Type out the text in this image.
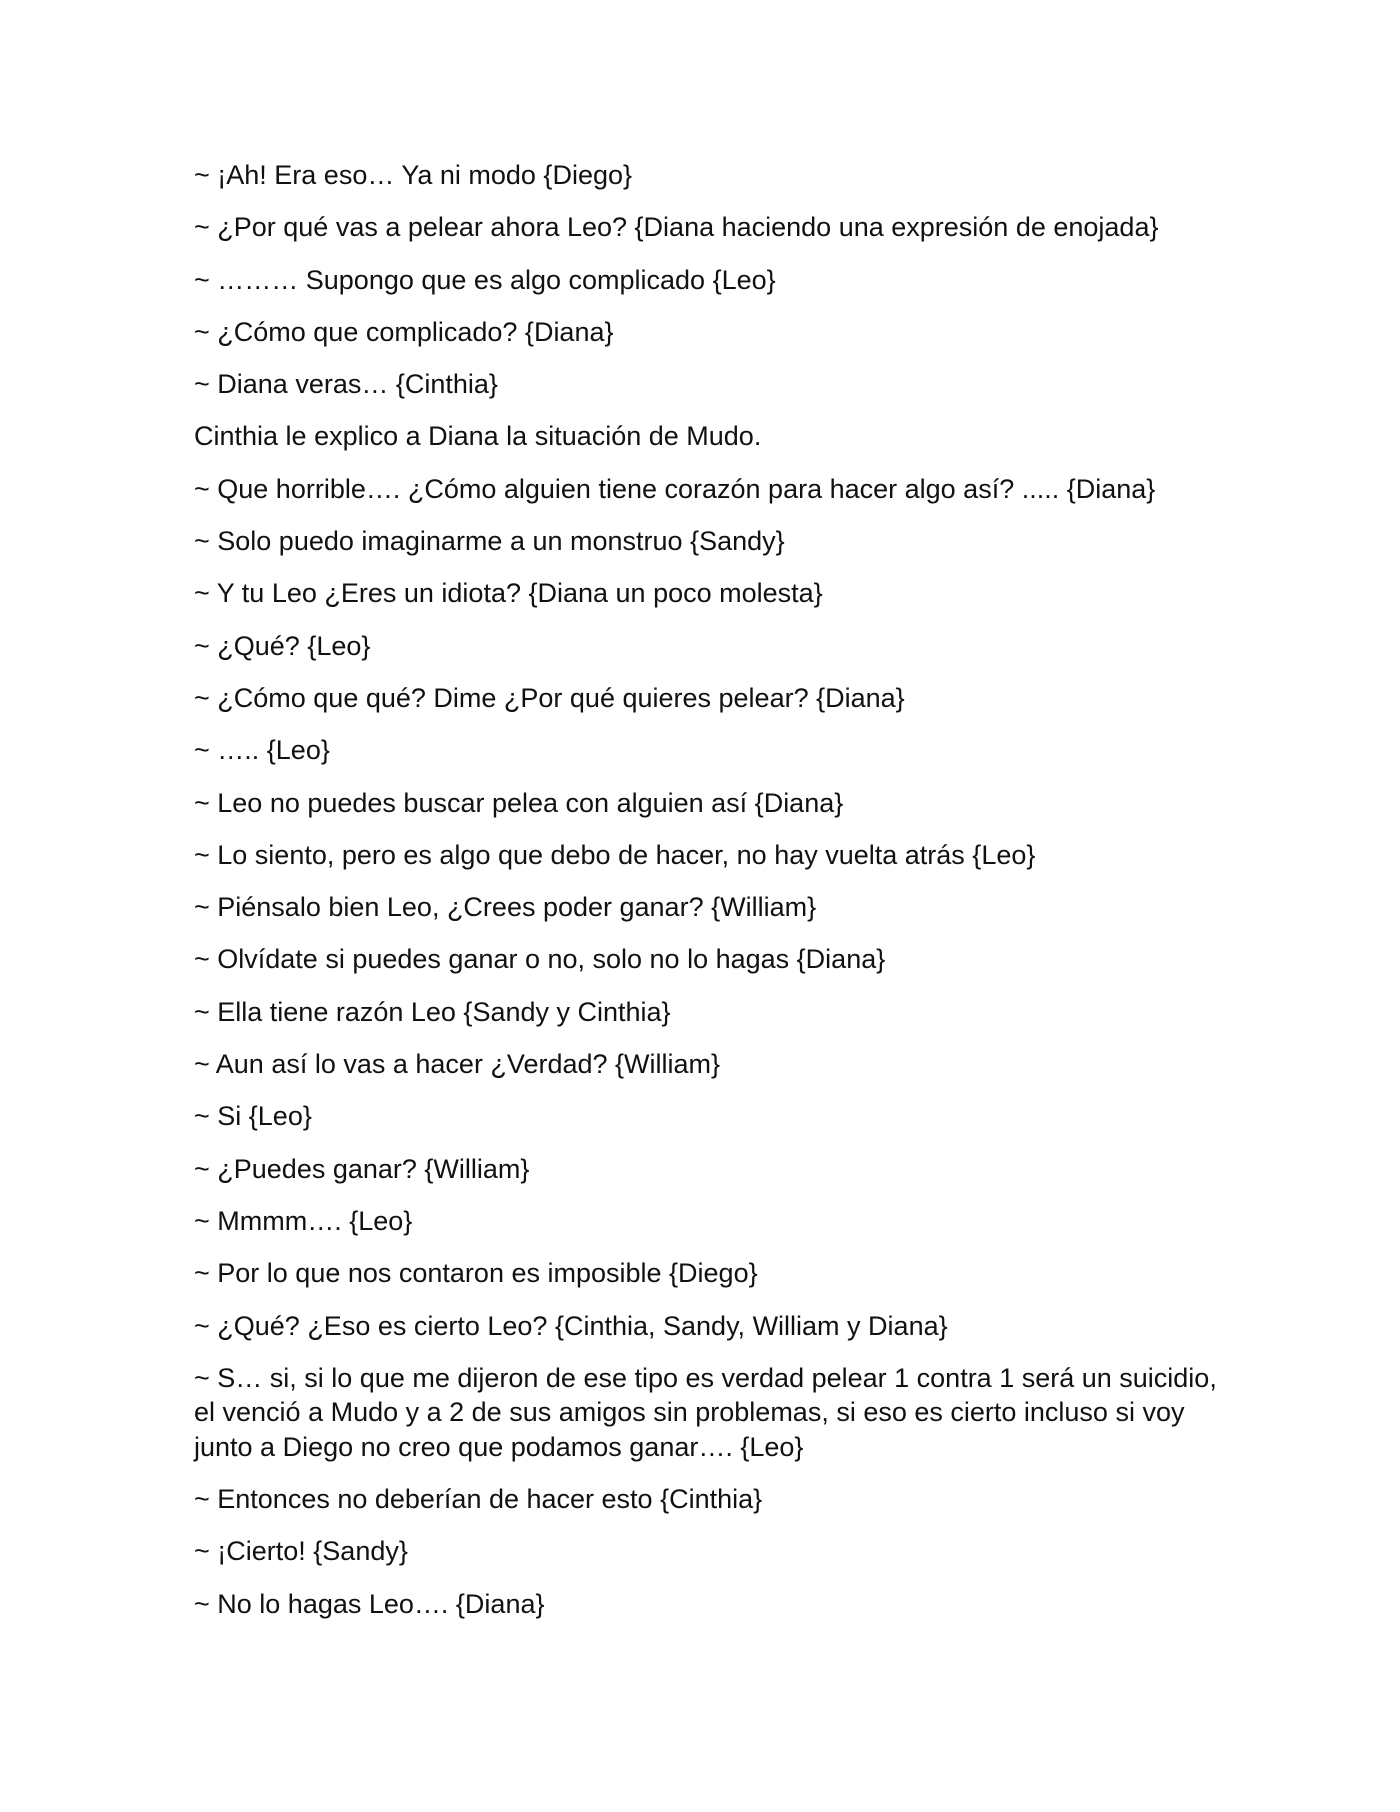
~ ¡Ah! Era eso… Ya ni modo {Diego}

~ ¿Por qué vas a pelear ahora Leo? {Diana haciendo una expresión de enojada}

~ ……… Supongo que es algo complicado {Leo}

~ ¿Cómo que complicado? {Diana}

~ Diana veras… {Cinthia}

Cinthia le explico a Diana la situación de Mudo.

~ Que horrible…. ¿Cómo alguien tiene corazón para hacer algo así? ..... {Diana}

~ Solo puedo imaginarme a un monstruo {Sandy}

~ Y tu Leo ¿Eres un idiota? {Diana un poco molesta}

~ ¿Qué? {Leo}

~ ¿Cómo que qué? Dime ¿Por qué quieres pelear? {Diana}

~ ….. {Leo}

~ Leo no puedes buscar pelea con alguien así {Diana}

~ Lo siento, pero es algo que debo de hacer, no hay vuelta atrás {Leo}

~ Piénsalo bien Leo, ¿Crees poder ganar? {William}

~ Olvídate si puedes ganar o no, solo no lo hagas {Diana}

~ Ella tiene razón Leo {Sandy y Cinthia}

~ Aun así lo vas a hacer ¿Verdad? {William}

~ Si {Leo}

~ ¿Puedes ganar? {William}

~ Mmmm…. {Leo}

~ Por lo que nos contaron es imposible {Diego}

~ ¿Qué? ¿Eso es cierto Leo? {Cinthia, Sandy, William y Diana}

~ S… si, si lo que me dijeron de ese tipo es verdad pelear 1 contra 1 será un suicidio, el venció a Mudo y a 2 de sus amigos sin problemas, si eso es cierto incluso si voy junto a Diego no creo que podamos ganar…. {Leo}

~ Entonces no deberían de hacer esto {Cinthia}

~ ¡Cierto! {Sandy}

~ No lo hagas Leo…. {Diana}
